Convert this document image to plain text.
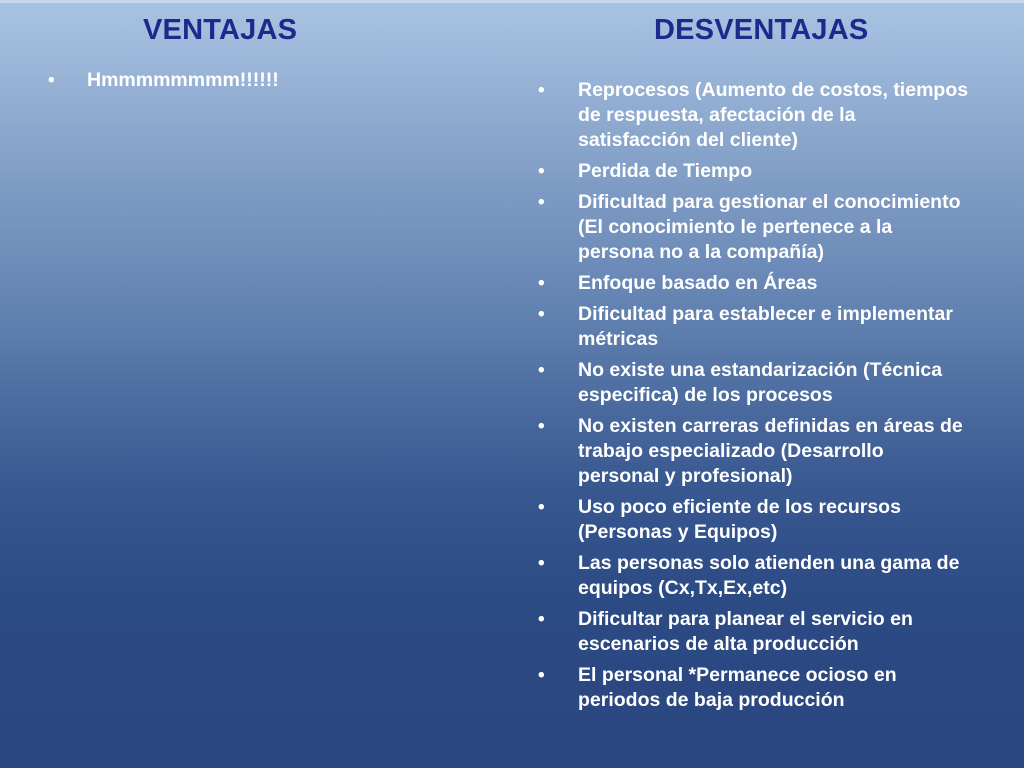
VENTAJAS	DESVENTAJAS
• Hmmmmmmmm!!!!!!	• Reprocesos (Aumento de costos, tiempos de respuesta, afectación de la satisfacción del cliente)
• Perdida de Tiempo
• Dificultad para gestionar el conocimiento (El conocimiento le pertenece a la persona no a la compañía)
• Enfoque basado en Áreas
• Dificultad para establecer e implementar métricas
• No existe una estandarización (Técnica especifica) de los procesos
• No existen carreras definidas en áreas de trabajo especializado (Desarrollo personal y profesional)
• Uso poco eficiente de los recursos (Personas y Equipos)
• Las personas solo atienden una gama de equipos (Cx,Tx,Ex,etc)
• Dificultar para planear el servicio en escenarios de alta producción
• El personal *Permanece ocioso en periodos de baja producción
